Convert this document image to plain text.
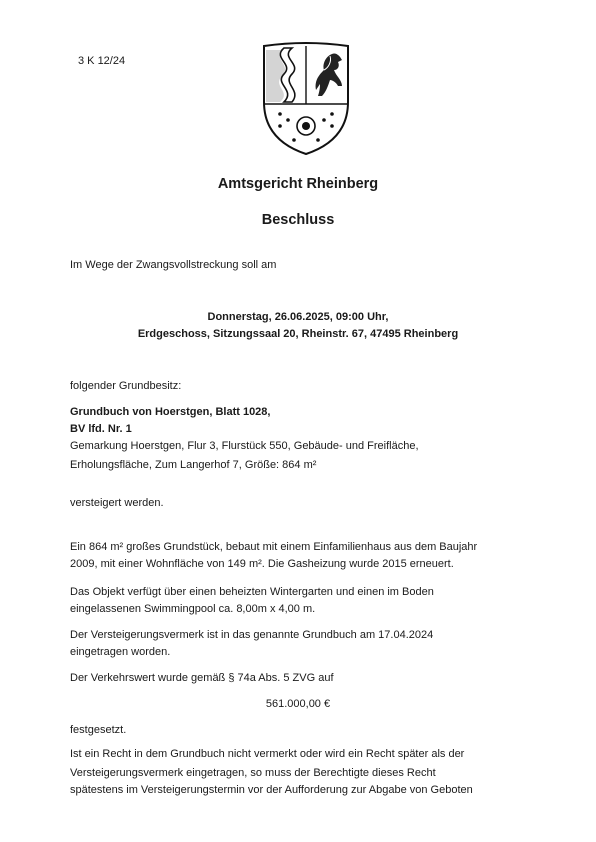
3 K 12/24
Amtsgericht Rheinberg
Beschluss
Im Wege der Zwangsvollstreckung soll am
Donnerstag, 26.06.2025, 09:00 Uhr,
Erdgeschoss, Sitzungssaal 20, Rheinstr. 67, 47495 Rheinberg
folgender Grundbesitz:
Grundbuch von Hoerstgen, Blatt 1028,
BV lfd. Nr. 1
Gemarkung Hoerstgen, Flur 3, Flurstück 550, Gebäude- und Freifläche,
Erholungsfläche, Zum Langerhof 7, Größe: 864 m²
versteigert werden.
Ein 864 m² großes Grundstück, bebaut mit einem Einfamilienhaus aus dem Baujahr
2009, mit einer Wohnfläche von 149 m². Die Gasheizung wurde 2015 erneuert.
Das Objekt verfügt über einen beheizten Wintergarten und einen im Boden
eingelassenen Swimmingpool ca. 8,00m x 4,00 m.
Der Versteigerungsvermerk ist in das genannte Grundbuch am 17.04.2024
eingetragen worden.
Der Verkehrswert wurde gemäß § 74a Abs. 5 ZVG auf
561.000,00 €
festgesetzt.
Ist ein Recht in dem Grundbuch nicht vermerkt oder wird ein Recht später als der
Versteigerungsvermerk eingetragen, so muss der Berechtigte dieses Recht
spätestens im Versteigerungstermin vor der Aufforderung zur Abgabe von Geboten
